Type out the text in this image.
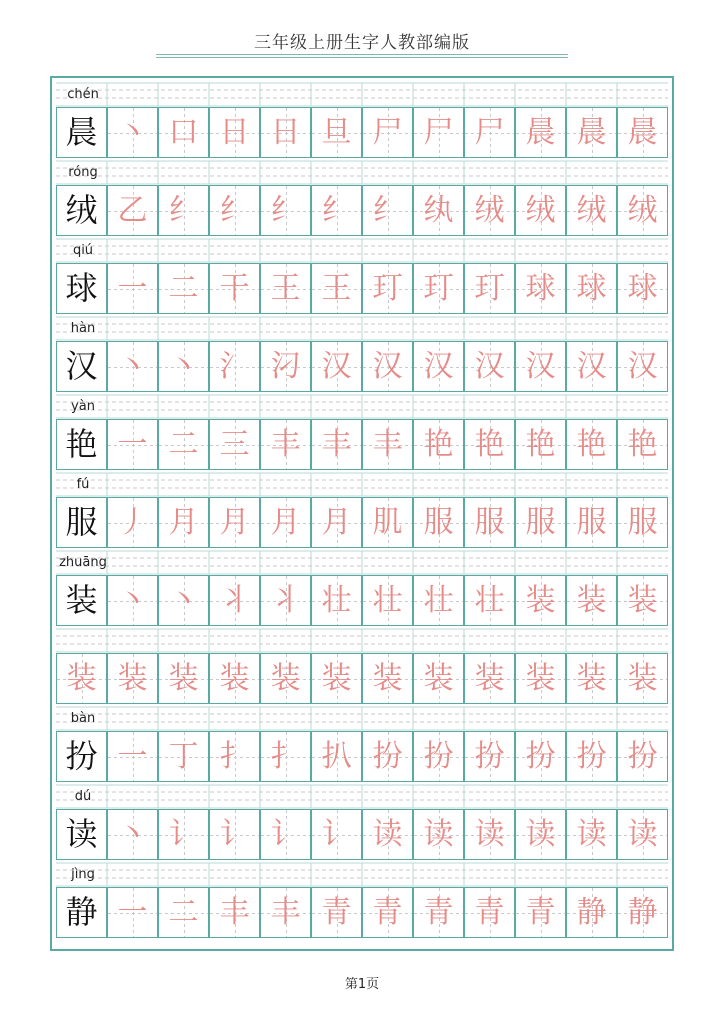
三年级上册生字人教部编版
chén
晨 丶 口 日 日 旦 尸 尸 尸 晨 晨 晨
róng
绒 乙 纟 纟 纟 纟 纟 纨 绒 绒 绒 绒
qiú
球 一 二 干 王 王 玎 玎 玎 球 球 球
hàn
汉 丶 丶 氵 汈 汉 汉 汉 汉 汉 汉 汉
yàn
艳 一 二 三 丰 丰 丰 艳 艳 艳 艳 艳
fú
服 丿 月 月 月 月 肌 服 服 服 服 服
zhuāng
装 丶 丶 丬 丬 壮 壮 壮 壮 装 装 装
装 装 装 装 装 装 装 装 装 装 装 装
bàn
扮 一 丁 扌 扌 扒 扮 扮 扮 扮 扮 扮
dú
读 丶 讠 讠 讠 讠 读 读 读 读 读 读
jìng
静 一 二 丰 丰 青 青 青 青 青 静 静
第1页
